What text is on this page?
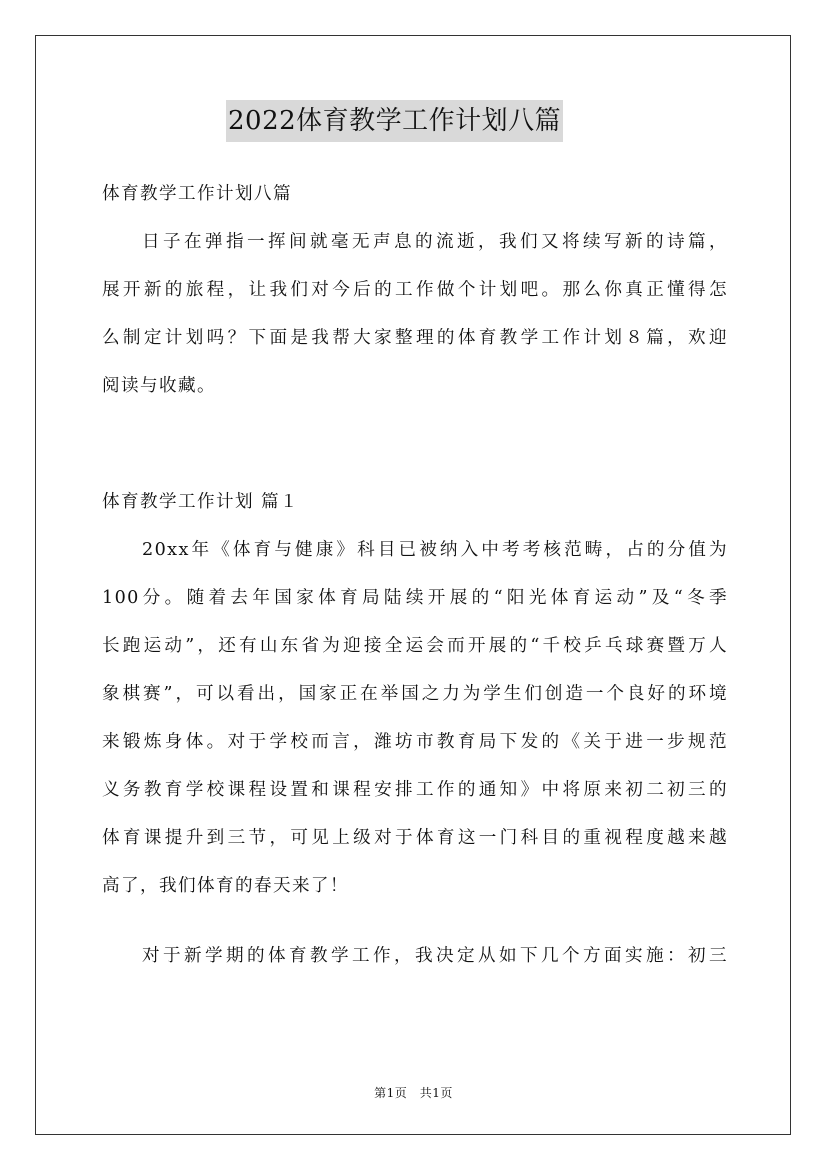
2022体育教学工作计划八篇
体育教学工作计划八篇
日子在弹指一挥间就毫无声息的流逝，我们又将续写新的诗篇，
展开新的旅程，让我们对今后的工作做个计划吧。那么你真正懂得怎
么制定计划吗？下面是我帮大家整理的体育教学工作计划８篇，欢迎
阅读与收藏。
体育教学工作计划 篇１
20xx年《体育与健康》科目已被纳入中考考核范畴，占的分值为
100分。随着去年国家体育局陆续开展的“阳光体育运动”及“冬季
长跑运动”，还有山东省为迎接全运会而开展的“千校乒乓球赛暨万人
象棋赛”，可以看出，国家正在举国之力为学生们创造一个良好的环境
来锻炼身体。对于学校而言，潍坊市教育局下发的《关于进一步规范
义务教育学校课程设置和课程安排工作的通知》中将原来初二初三的
体育课提升到三节，可见上级对于体育这一门科目的重视程度越来越
高了，我们体育的春天来了！
对于新学期的体育教学工作，我决定从如下几个方面实施：初三
第1页　共1页
